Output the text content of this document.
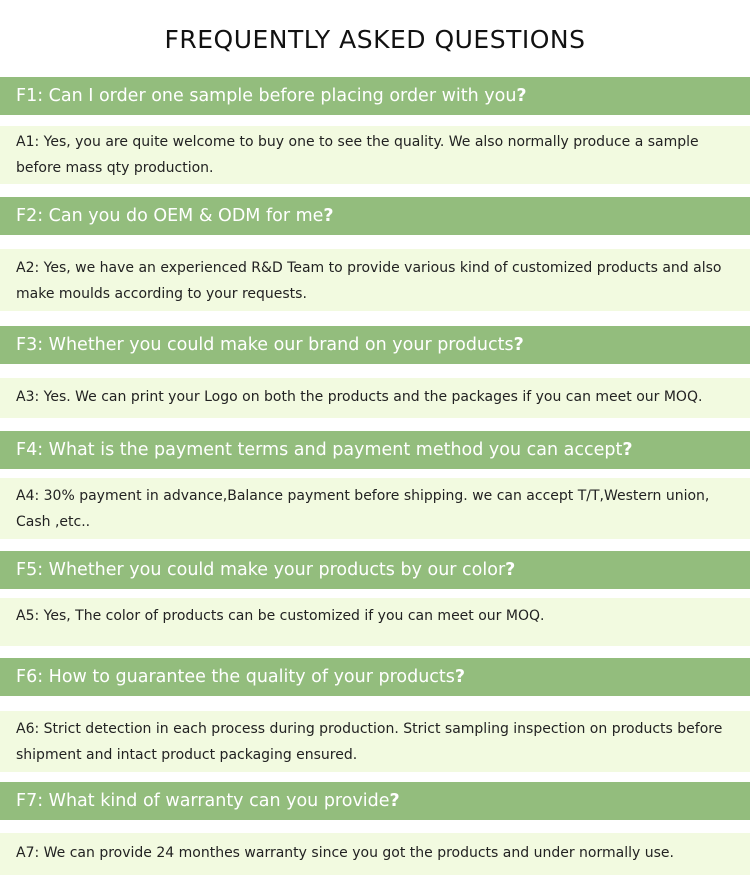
FREQUENTLY ASKED QUESTIONS
F1: Can I order one sample before placing order with you?
A1: Yes, you are quite welcome to buy one to see the quality. We also normally produce a sample before mass qty production.
F2: Can you do OEM & ODM for me?
A2: Yes, we have an experienced R&D Team to provide various kind of customized products and also make moulds according to your requests.
F3: Whether you could make our brand on your products?
A3: Yes. We can print your Logo on both the products and the packages if you can meet our MOQ.
F4: What is the payment terms and payment method you can accept?
A4: 30% payment in advance,Balance payment before shipping. we can accept T/T,Western union, Cash ,etc..
F5: Whether you could make your products by our color?
A5: Yes, The color of products can be customized if you can meet our MOQ.
F6: How to guarantee the quality of your products?
A6: Strict detection in each process during production. Strict sampling inspection on products before shipment and intact product packaging ensured.
F7: What kind of warranty can you provide?
A7: We can provide 24 monthes warranty since you got the products and under normally use.
